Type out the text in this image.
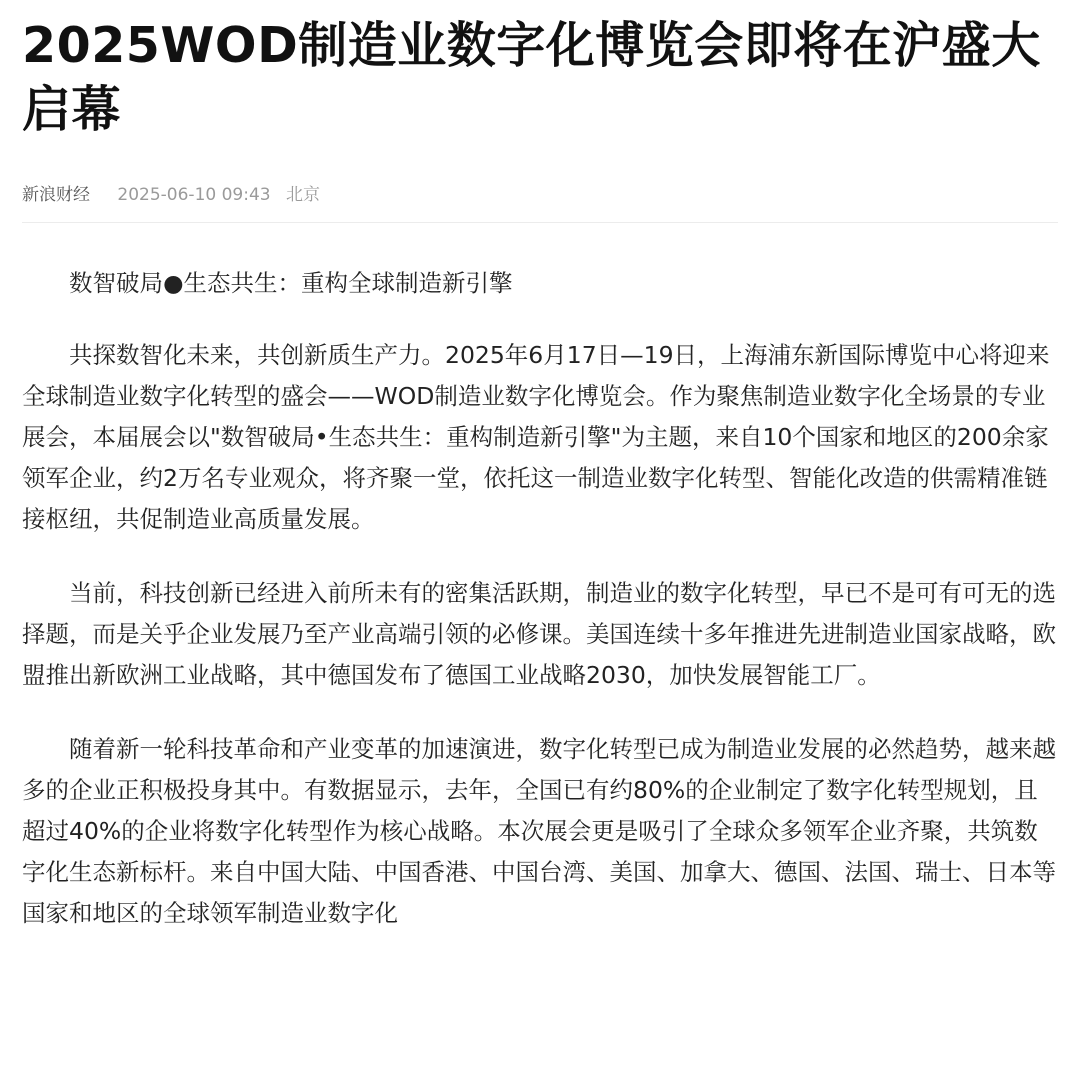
2025WOD制造业数字化博览会即将在沪盛大启幕
新浪财经 2025-06-10 09:43 北京

数智破局●生态共生：重构全球制造新引擎

共探数智化未来，共创新质生产力。2025年6月17日—19日，上海浦东新国际博览中心将迎来全球制造业数字化转型的盛会——WOD制造业数字化博览会。作为聚焦制造业数字化全场景的专业展会，本届展会以"数智破局•生态共生：重构制造新引擎"为主题，来自10个国家和地区的200余家领军企业，约2万名专业观众，将齐聚一堂，依托这一制造业数字化转型、智能化改造的供需精准链接枢纽，共促制造业高质量发展。

当前，科技创新已经进入前所未有的密集活跃期，制造业的数字化转型，早已不是可有可无的选择题，而是关乎企业发展乃至产业高端引领的必修课。美国连续十多年推进先进制造业国家战略，欧盟推出新欧洲工业战略，其中德国发布了德国工业战略2030，加快发展智能工厂。

随着新一轮科技革命和产业变革的加速演进，数字化转型已成为制造业发展的必然趋势，越来越多的企业正积极投身其中。有数据显示，去年，全国已有约80%的企业制定了数字化转型规划，且超过40%的企业将数字化转型作为核心战略。本次展会更是吸引了全球众多领军企业齐聚，共筑数字化生态新标杆。来自中国大陆、中国香港、中国台湾、美国、加拿大、德国、法国、瑞士、日本等国家和地区的全球领军制造业数字化
